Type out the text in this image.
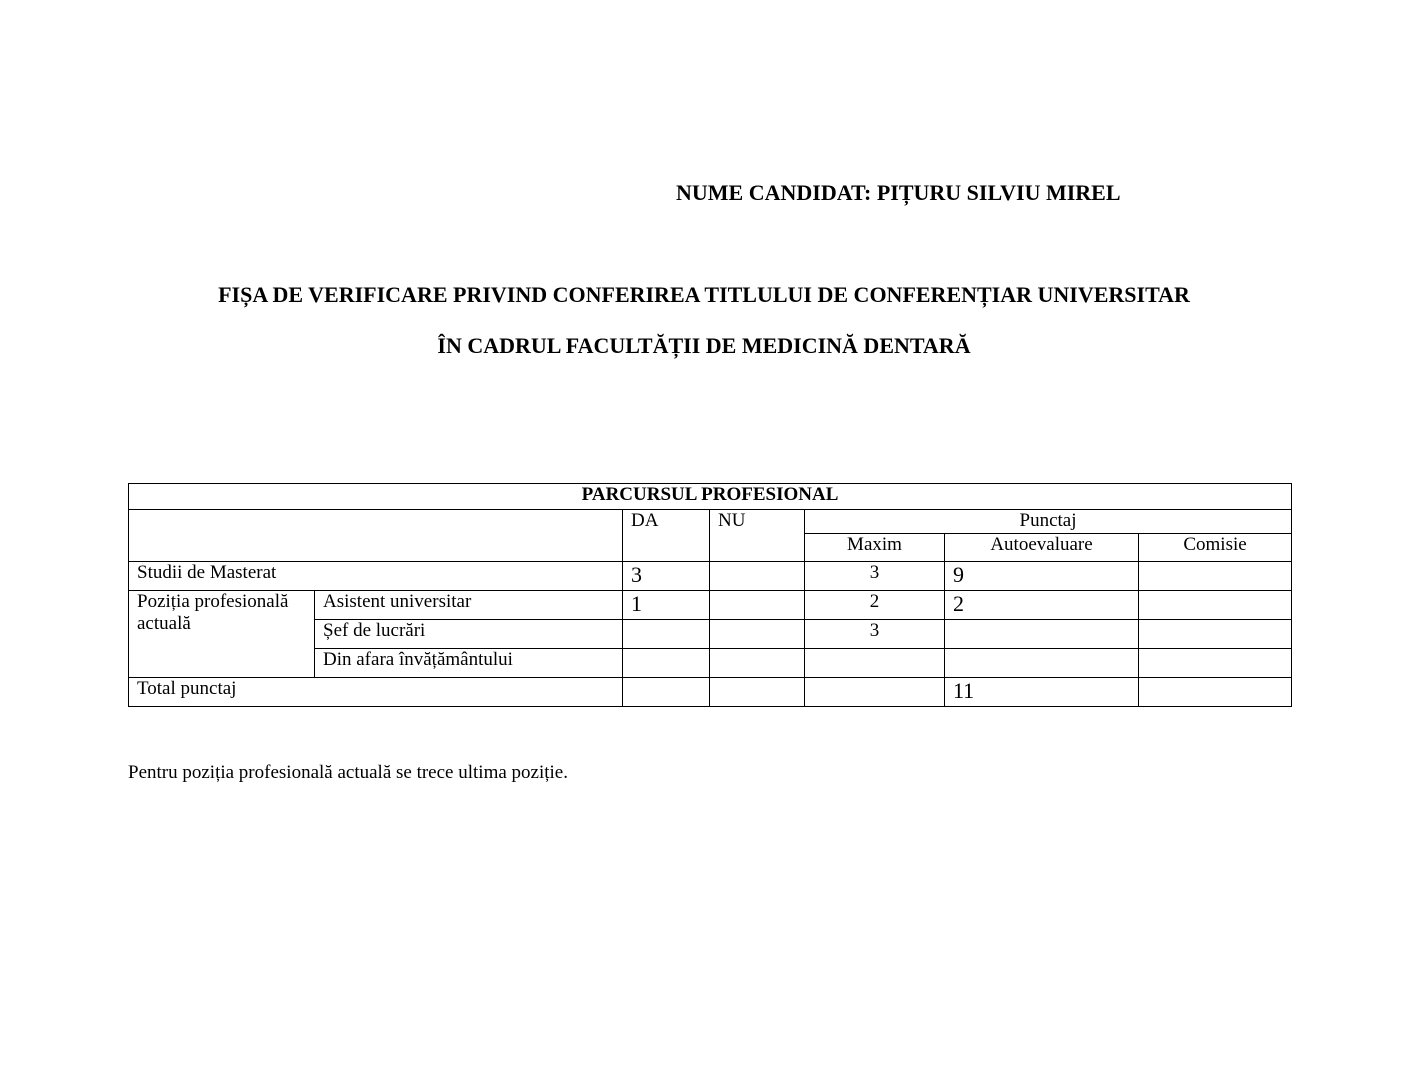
NUME CANDIDAT: PIȚURU SILVIU MIREL
FIȘA DE VERIFICARE PRIVIND CONFERIREA TITLULUI DE CONFERENȚIAR UNIVERSITAR
ÎN CADRUL FACULTĂȚII DE MEDICINĂ DENTARĂ
PARCURSUL PROFESIONAL						
		DA	NU	Punctaj		
				Maxim	Autoevaluare	Comisie
Studii de Masterat		3		3	9	
Poziția profesională actuală	Asistent universitar	1		2	2	
	Șef de lucrări			3		
	Din afara învățământului					
Total punctaj					11	
Pentru poziția profesională actuală se trece ultima poziție.
